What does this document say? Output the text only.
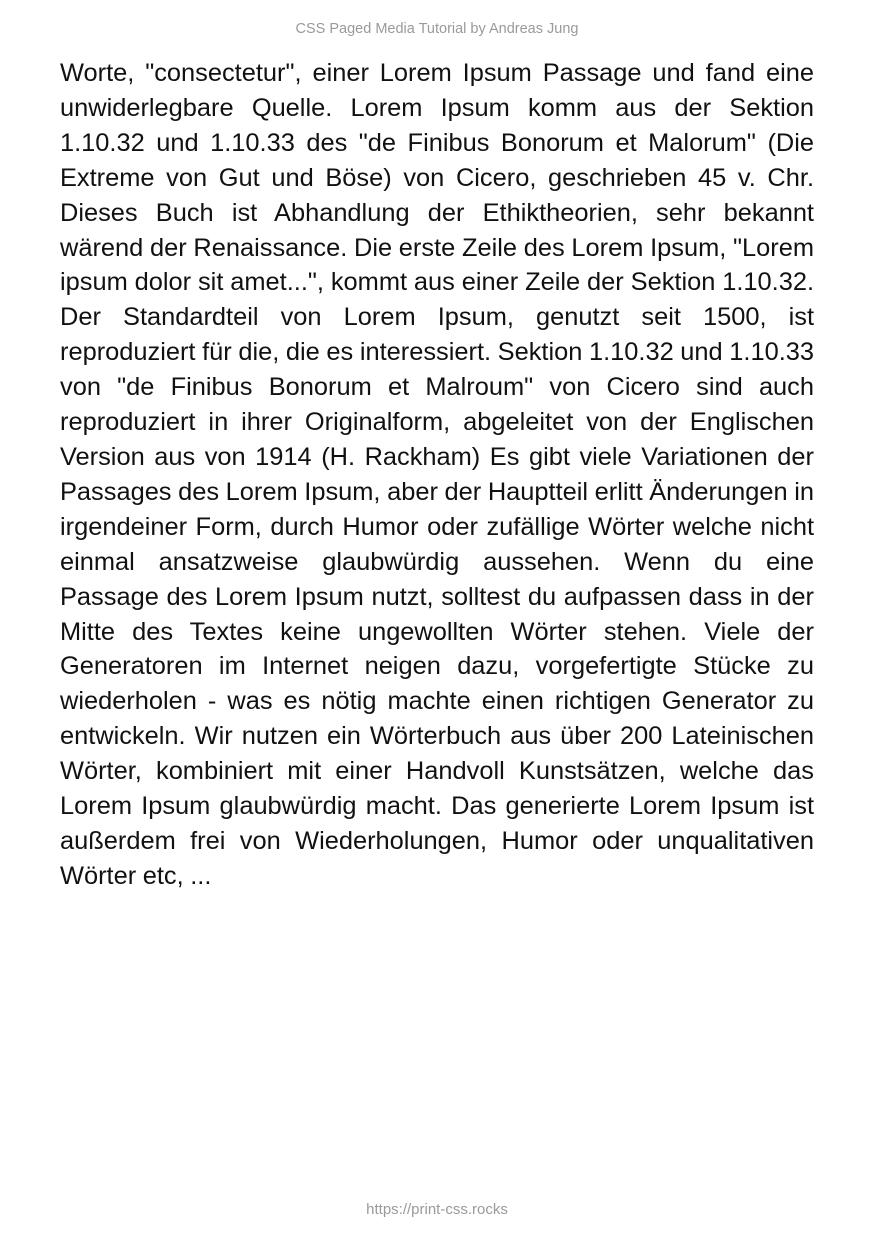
CSS Paged Media Tutorial by Andreas Jung

Worte, "consectetur", einer Lorem Ipsum Passage und fand eine unwiderlegbare Quelle. Lorem Ipsum komm aus der Sektion 1.10.32 und 1.10.33 des "de Finibus Bonorum et Malorum" (Die Extreme von Gut und Böse) von Cicero, geschrieben 45 v. Chr. Dieses Buch ist Abhandlung der Ethiktheorien, sehr bekannt wärend der Renaissance. Die erste Zeile des Lorem Ipsum, "Lorem ipsum dolor sit amet...", kommt aus einer Zeile der Sektion 1.10.32. Der Standardteil von Lorem Ipsum, genutzt seit 1500, ist reproduziert für die, die es interessiert. Sektion 1.10.32 und 1.10.33 von "de Finibus Bonorum et Malroum" von Cicero sind auch reproduziert in ihrer Originalform, abgeleitet von der Englischen Version aus von 1914 (H. Rackham) Es gibt viele Variationen der Passages des Lorem Ipsum, aber der Hauptteil erlitt Änderungen in irgendeiner Form, durch Humor oder zufällige Wörter welche nicht einmal ansatzweise glaubwürdig aussehen. Wenn du eine Passage des Lorem Ipsum nutzt, solltest du aufpassen dass in der Mitte des Textes keine ungewollten Wörter stehen. Viele der Generatoren im Internet neigen dazu, vorgefertigte Stücke zu wiederholen - was es nötig machte einen richtigen Generator zu entwickeln. Wir nutzen ein Wörterbuch aus über 200 Lateinischen Wörter, kombiniert mit einer Handvoll Kunstsätzen, welche das Lorem Ipsum glaubwürdig macht. Das generierte Lorem Ipsum ist außerdem frei von Wiederholungen, Humor oder unqualitativen Wörter etc, ...

https://print-css.rocks
